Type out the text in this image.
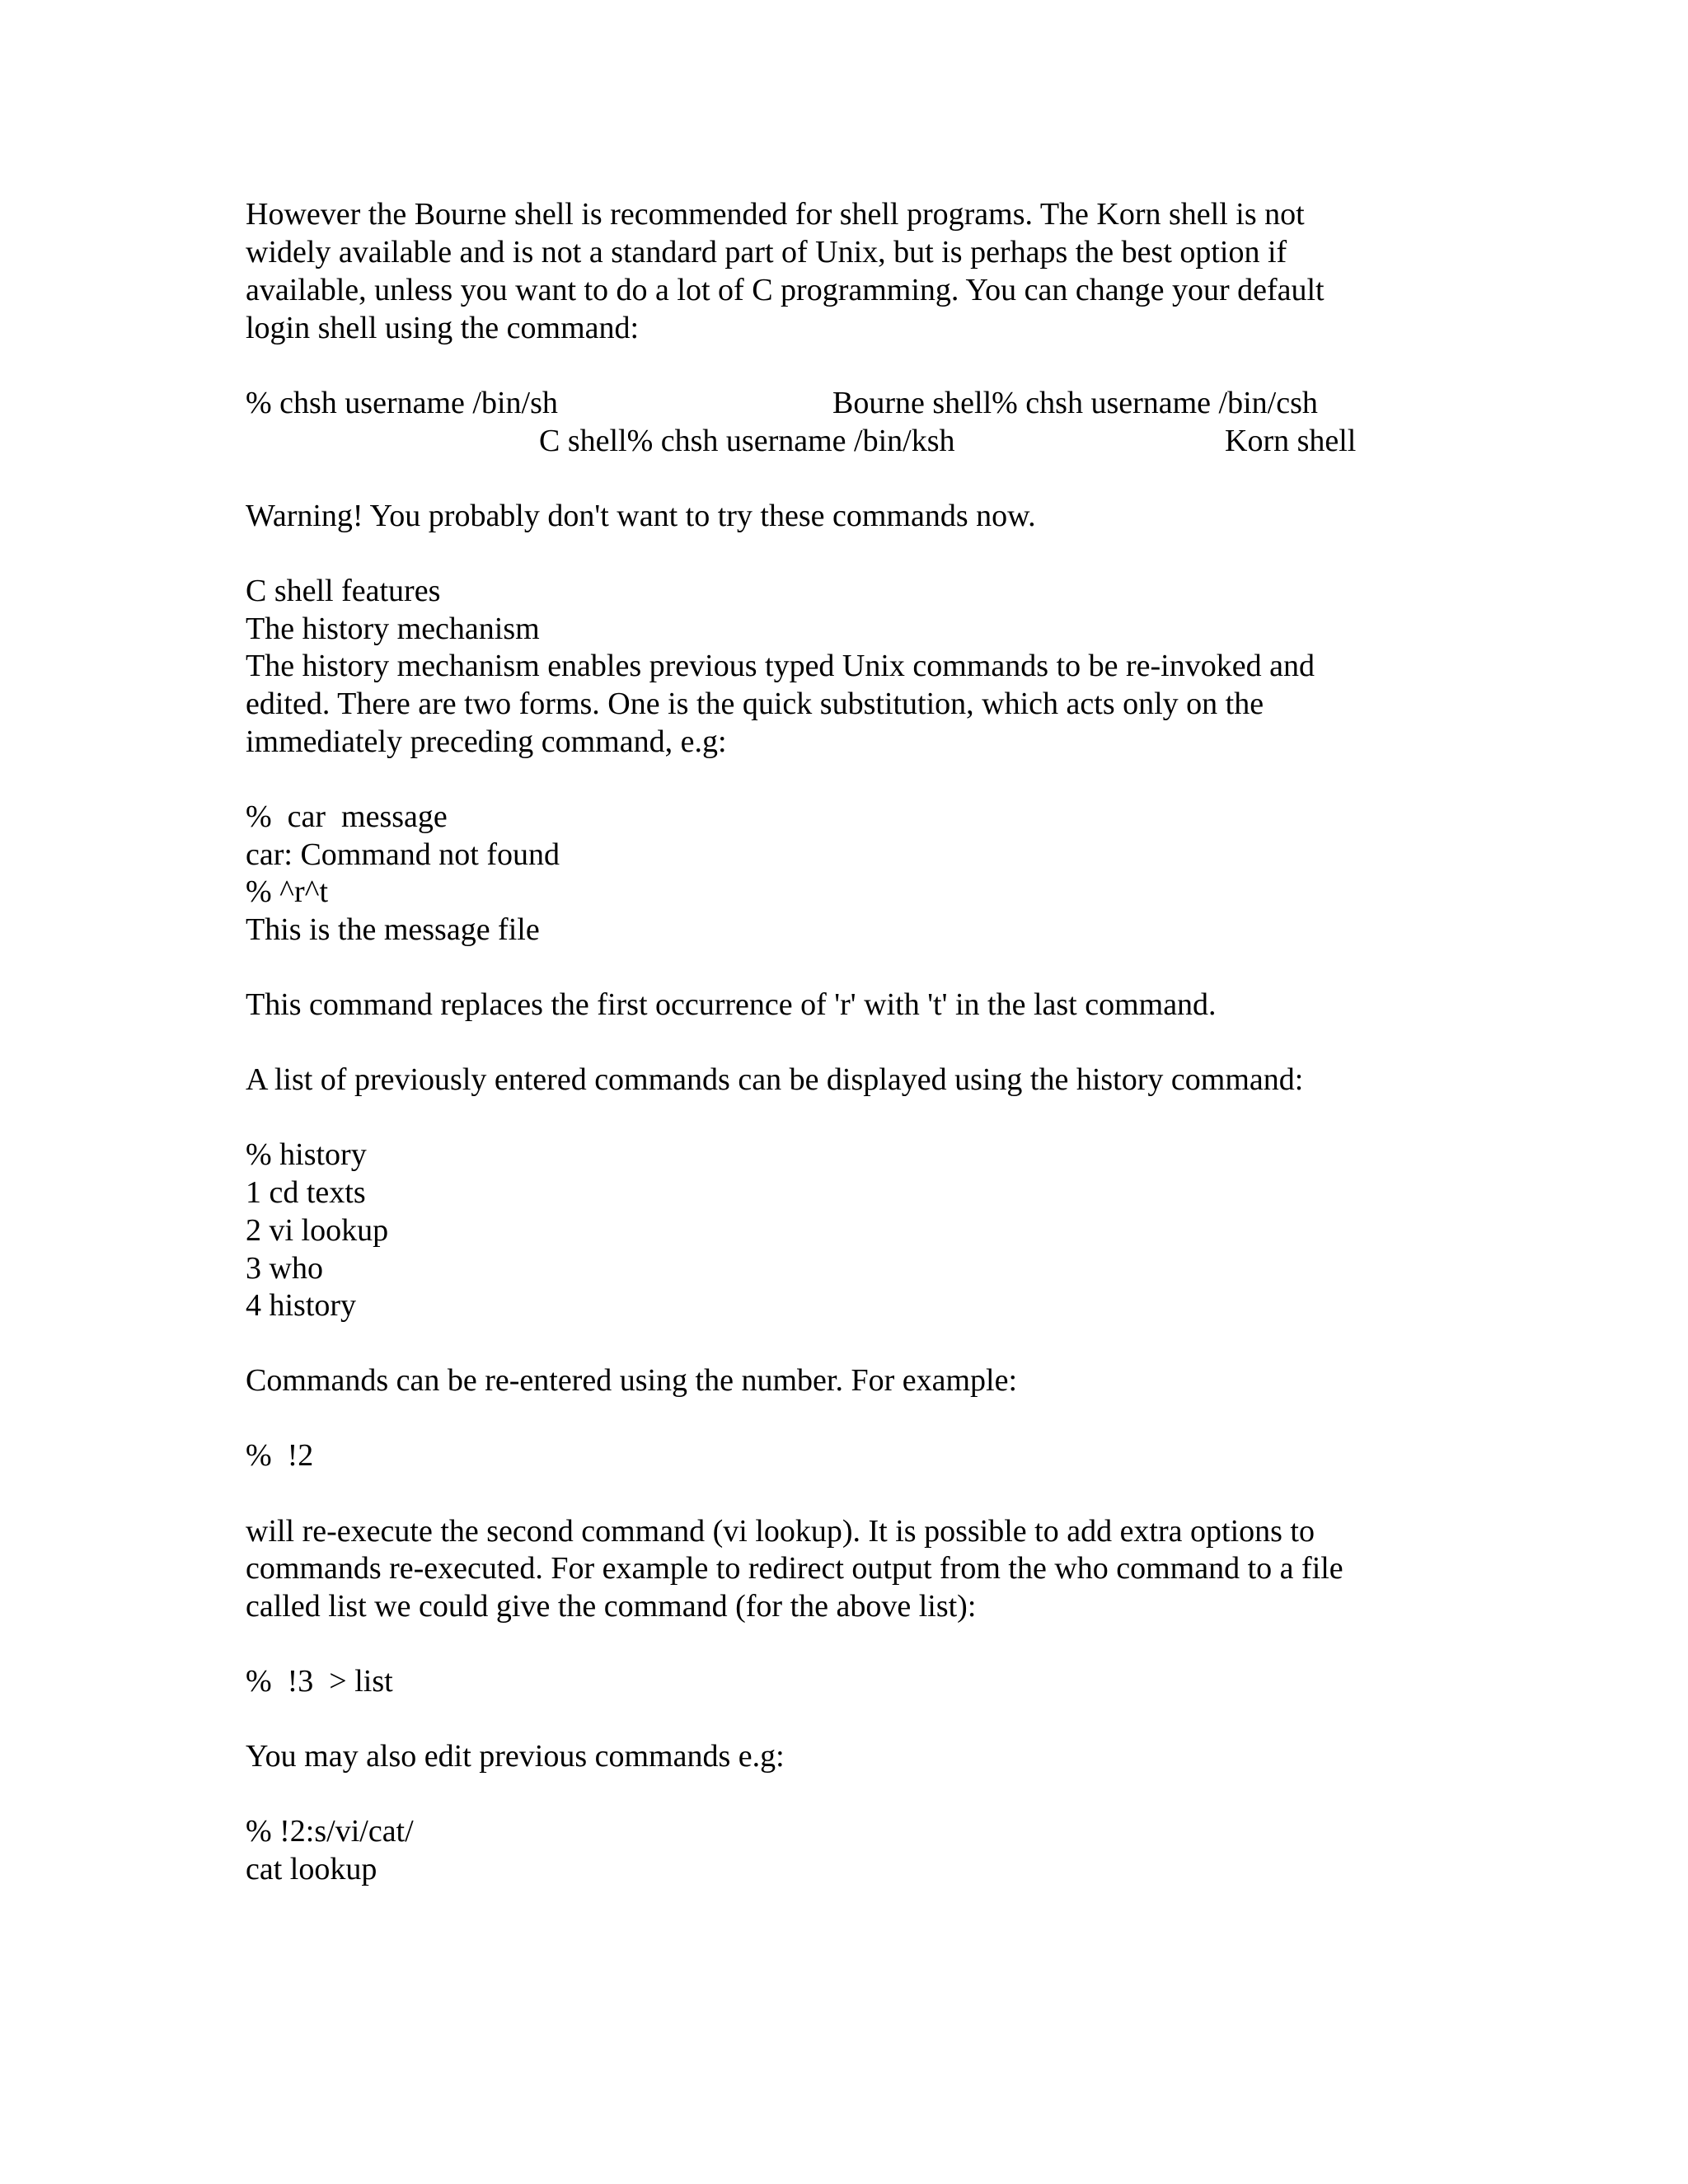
However the Bourne shell is recommended for shell programs. The Korn shell is not
widely available and is not a standard part of Unix, but is perhaps the best option if
available, unless you want to do a lot of C programming. You can change your default
login shell using the command:
% chsh username /bin/sh	Bourne shell% chsh username /bin/csh
C shell% chsh username /bin/ksh	Korn shell
Warning! You probably don't want to try these commands now.
C shell features
The history mechanism
The history mechanism enables previous typed Unix commands to be re-invoked and
edited. There are two forms. One is the quick substitution, which acts only on the
immediately preceding command, e.g:
%  car  message
car: Command not found
% ^r^t
This is the message file
This command replaces the first occurrence of 'r' with 't' in the last command.
A list of previously entered commands can be displayed using the history command:
% history
1 cd texts
2 vi lookup
3 who
4 history
Commands can be re-entered using the number. For example:
%  !2
will re-execute the second command (vi lookup). It is possible to add extra options to
commands re-executed. For example to redirect output from the who command to a file
called list we could give the command (for the above list):
%  !3  > list
You may also edit previous commands e.g:
% !2:s/vi/cat/
cat lookup
